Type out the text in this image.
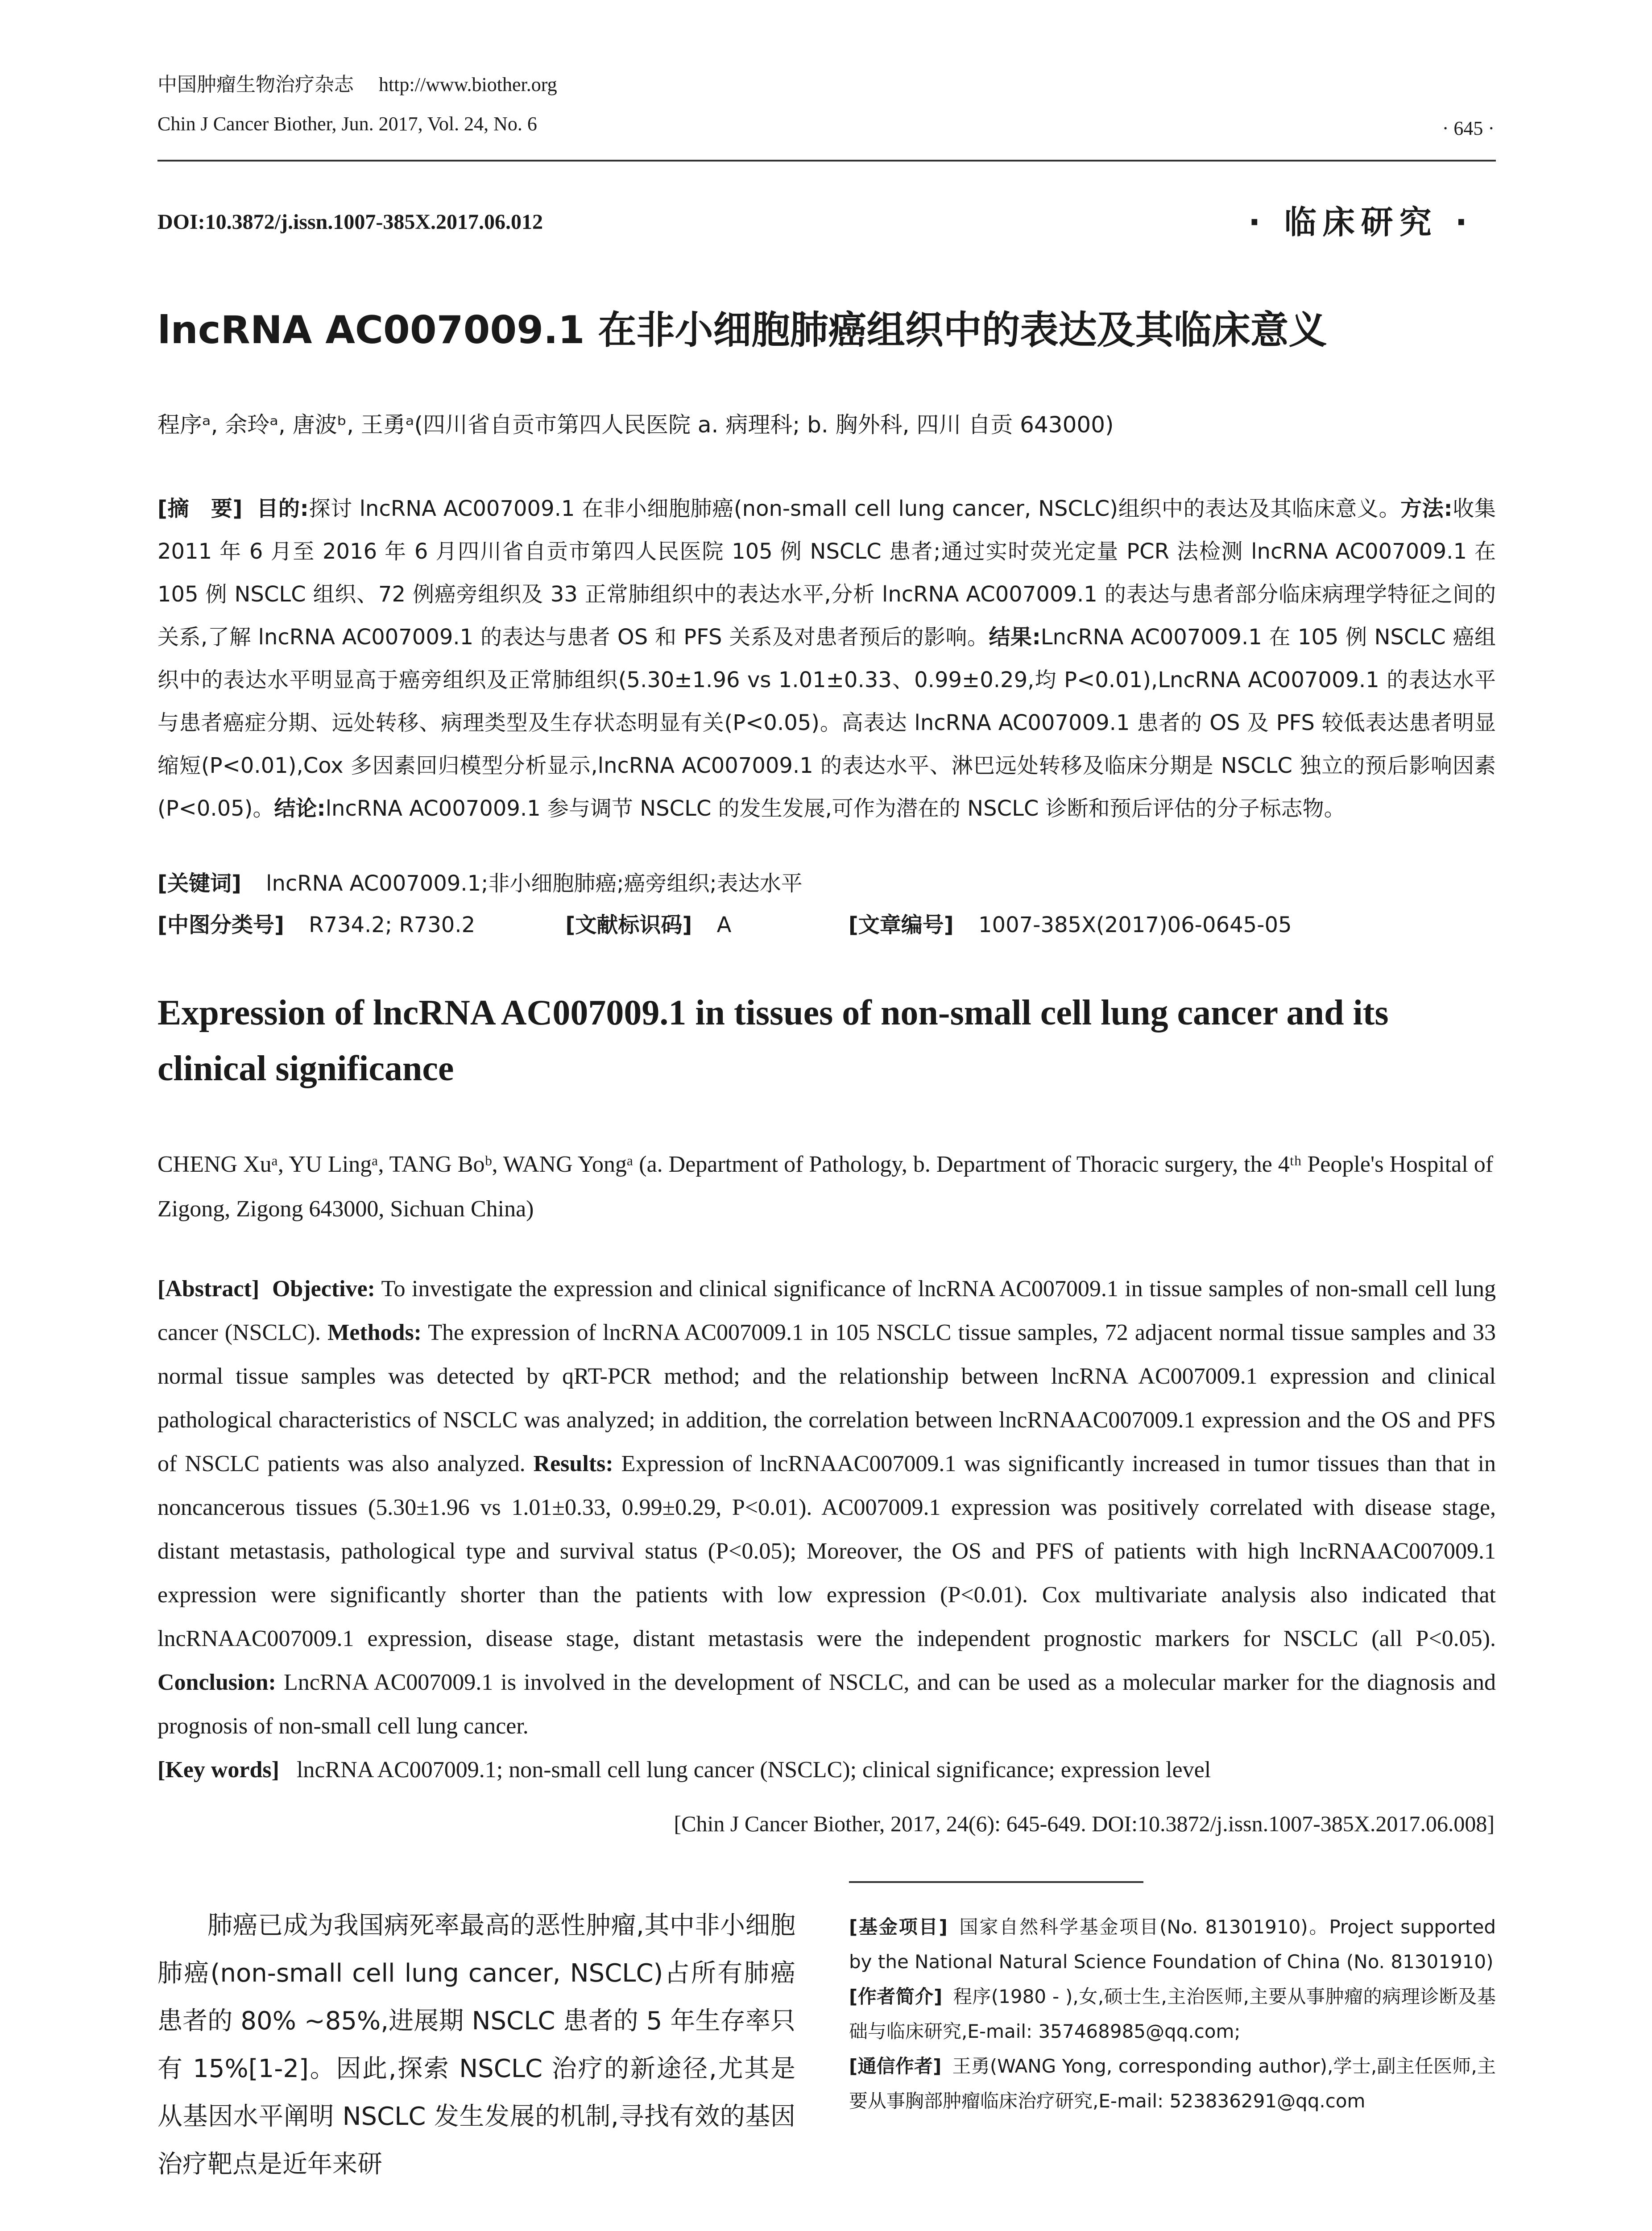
中国肿瘤生物治疗杂志 http://www.biother.org
Chin J Cancer Biother, Jun. 2017, Vol. 24, No. 6	· 645 ·
DOI:10.3872/j.issn.1007-385X.2017.06.012	· 临床研究 ·
lncRNA AC007009.1 在非小细胞肺癌组织中的表达及其临床意义
程序ᵃ, 余玲ᵃ, 唐波ᵇ, 王勇ᵃ(四川省自贡市第四人民医院 a. 病理科; b. 胸外科, 四川 自贡 643000)

[摘　要] 目的:探讨 lncRNA AC007009.1 在非小细胞肺癌(non-small cell lung cancer, NSCLC)组织中的表达及其临床意义。方法:收集 2011 年 6 月至 2016 年 6 月四川省自贡市第四人民医院 105 例 NSCLC 患者;通过实时荧光定量 PCR 法检测 lncRNA AC007009.1 在 105 例 NSCLC 组织、72 例癌旁组织及 33 正常肺组织中的表达水平,分析 lncRNA AC007009.1 的表达与患者部分临床病理学特征之间的关系,了解 lncRNA AC007009.1 的表达与患者 OS 和 PFS 关系及对患者预后的影响。结果:LncRNA AC007009.1 在 105 例 NSCLC 癌组织中的表达水平明显高于癌旁组织及正常肺组织(5.30±1.96 vs 1.01±0.33、0.99±0.29,均 P<0.01),LncRNA AC007009.1 的表达水平与患者癌症分期、远处转移、病理类型及生存状态明显有关(P<0.05)。高表达 lncRNA AC007009.1 患者的 OS 及 PFS 较低表达患者明显缩短(P<0.01),Cox 多因素回归模型分析显示,lncRNA AC007009.1 的表达水平、淋巴远处转移及临床分期是 NSCLC 独立的预后影响因素(P<0.05)。结论:lncRNA AC007009.1 参与调节 NSCLC 的发生发展,可作为潜在的 NSCLC 诊断和预后评估的分子标志物。

[关键词] lncRNA AC007009.1;非小细胞肺癌;癌旁组织;表达水平
[中图分类号] R734.2; R730.2	[文献标识码] A	[文章编号] 1007-385X(2017)06-0645-05
Expression of lncRNA AC007009.1 in tissues of non-small cell lung cancer and its clinical significance
CHENG Xuᵃ, YU Lingᵃ, TANG Boᵇ, WANG Yongᵃ (a. Department of Pathology, b. Department of Thoracic surgery, the 4ᵗʰ People's Hospital of Zigong, Zigong 643000, Sichuan China)

[Abstract] Objective: To investigate the expression and clinical significance of lncRNA AC007009.1 in tissue samples of non-small cell lung cancer (NSCLC). Methods: The expression of lncRNA AC007009.1 in 105 NSCLC tissue samples, 72 adjacent normal tissue samples and 33 normal tissue samples was detected by qRT-PCR method; and the relationship between lncRNA AC007009.1 expression and clinical pathological characteristics of NSCLC was analyzed; in addition, the correlation between lncRNAAC007009.1 expression and the OS and PFS of NSCLC patients was also analyzed. Results: Expression of lncRNAAC007009.1 was significantly increased in tumor tissues than that in noncancerous tissues (5.30±1.96 vs 1.01±0.33, 0.99±0.29, P<0.01). AC007009.1 expression was positively correlated with disease stage, distant metastasis, pathological type and survival status (P<0.05); Moreover, the OS and PFS of patients with high lncRNAAC007009.1 expression were significantly shorter than the patients with low expression (P<0.01). Cox multivariate analysis also indicated that lncRNAAC007009.1 expression, disease stage, distant metastasis were the independent prognostic markers for NSCLC (all P<0.05). Conclusion: LncRNA AC007009.1 is involved in the development of NSCLC, and can be used as a molecular marker for the diagnosis and prognosis of non-small cell lung cancer.

[Key words] lncRNA AC007009.1; non-small cell lung cancer (NSCLC); clinical significance; expression level

[Chin J Cancer Biother, 2017, 24(6): 645-649. DOI:10.3872/j.issn.1007-385X.2017.06.008]
肺癌已成为我国病死率最高的恶性肿瘤,其中非小细胞肺癌(non-small cell lung cancer, NSCLC)占所有肺癌患者的 80% ~85%,进展期 NSCLC 患者的 5 年生存率只有 15%[1-2]。因此,探索 NSCLC 治疗的新途径,尤其是从基因水平阐明 NSCLC 发生发展的机制,寻找有效的基因治疗靶点是近年来研

[基金项目] 国家自然科学基金项目(No. 81301910)。Project supported by the National Natural Science Foundation of China (No. 81301910)

[作者简介] 程序(1980 - ),女,硕士生,主治医师,主要从事肿瘤的病理诊断及基础与临床研究,E-mail: 357468985@qq.com;

[通信作者] 王勇(WANG Yong, corresponding author),学士,副主任医师,主要从事胸部肿瘤临床治疗研究,E-mail: 523836291@qq.com
